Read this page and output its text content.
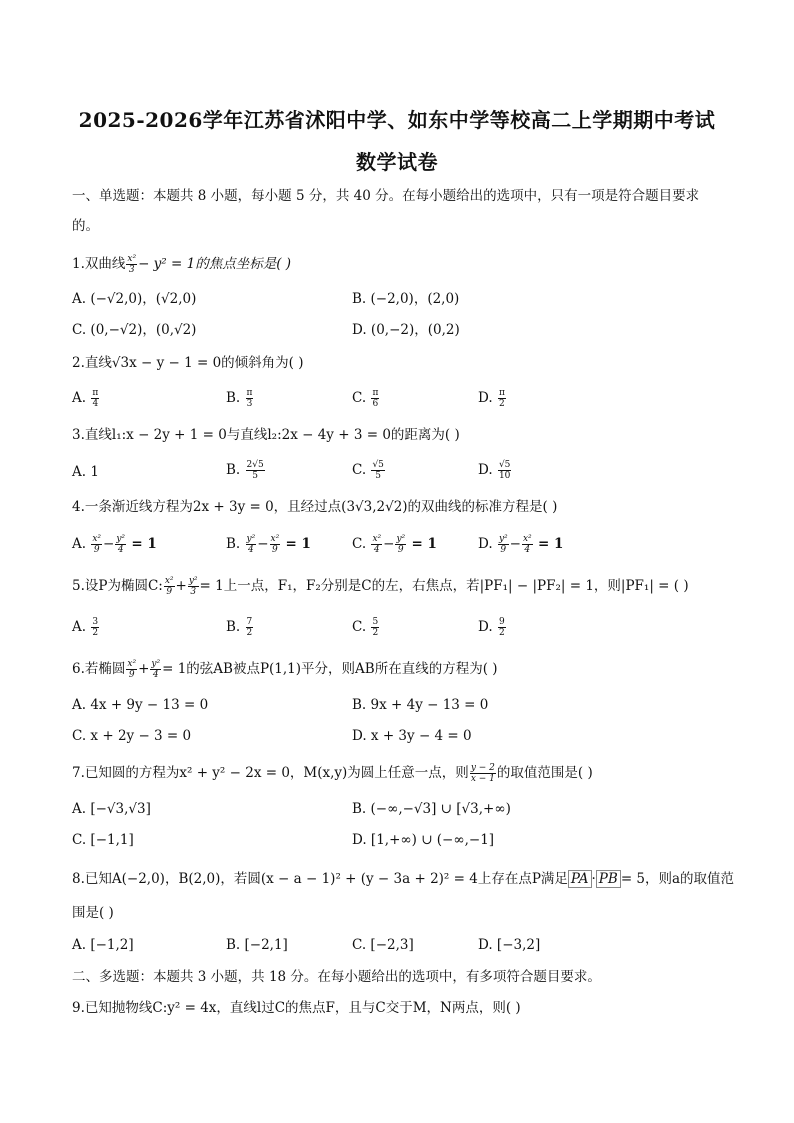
2025-2026学年江苏省沭阳中学、如东中学等校高二上学期期中考试
数学试卷
一、单选题：本题共 8 小题，每小题 5 分，共 40 分。在每小题给出的选项中，只有一项是符合题目要求
的。
1.双曲线 $\frac{\text{x²}}{3} - y^2 = 1$的焦点坐标是( )
A. (−√2,0)，(√2,0)	B. (−2,0)，(2,0)
C. (0,−√2)，(0,√2)	D. (0,−2)，(0,2)
2.直线√3x − y − 1 = 0的倾斜角为( )
A. $\frac{\pi}{4}$	B. $\frac{\pi}{3}$	C. $\frac{\pi}{6}$	D. $\frac{\pi}{2}$
3.直线l₁:x − 2y + 1 = 0与直线l₂:2x − 4y + 3 = 0的距离为( )
A. 1	B. $\frac{2√5}{5}$	C. $\frac{√5}{5}$	D. $\frac{√5}{10}$
4.一条渐近线方程为2x + 3y = 0，且经过点(3√3,2√2)的双曲线的标准方程是( )
A. $\frac{\text{x²}}{9} - \frac{\text{y²}}{4} = 1$	B. $\frac{\text{y²}}{4} - \frac{\text{x²}}{9} = 1$	C. $\frac{\text{x²}}{4} - \frac{\text{y²}}{9} = 1$	D. $\frac{\text{y²}}{9} - \frac{\text{x²}}{4} = 1$
5.设P为椭圆C: $\frac{\text{x²}}{9} + \frac{\text{y²}}{3} = 1$上一点，F₁，F₂分别是C的左，右焦点，若|PF₁| − |PF₂| = 1，则|PF₁| = ( )
A. $\frac{3}{2}$	B. $\frac{7}{2}$	C. $\frac{5}{2}$	D. $\frac{9}{2}$
6.若椭圆 $\frac{\text{x²}}{9} + \frac{\text{y²}}{4} = 1$的弦AB被点P(1,1)平分，则AB所在直线的方程为( )
A. 4x + 9y − 13 = 0	B. 9x + 4y − 13 = 0
C. x + 2y − 3 = 0	D. x + 3y − 4 = 0
7.已知圆的方程为x² + y² − 2x = 0，M(x,y)为圆上任意一点，则 $\frac{y - 2}{x - 1}$ 的取值范围是( )
A. [−√3,√3]	B. (−∞,−√3] ∪ [√3,+∞)
C. [−1,1]	D. [1,+∞) ∪ (−∞,−1]
8.已知A(−2,0)，B(2,0)，若圆(x − a − 1)² + (y − 3a + 2)² = 4上存在点P满足 PA · PB = 5，则a的取值范
围是( )
A. [−1,2]	B. [−2,1]	C. [−2,3]	D. [−3,2]
二、多选题：本题共 3 小题，共 18 分。在每小题给出的选项中，有多项符合题目要求。
9.已知抛物线C:y² = 4x，直线l过C的焦点F，且与C交于M，N两点，则( )
